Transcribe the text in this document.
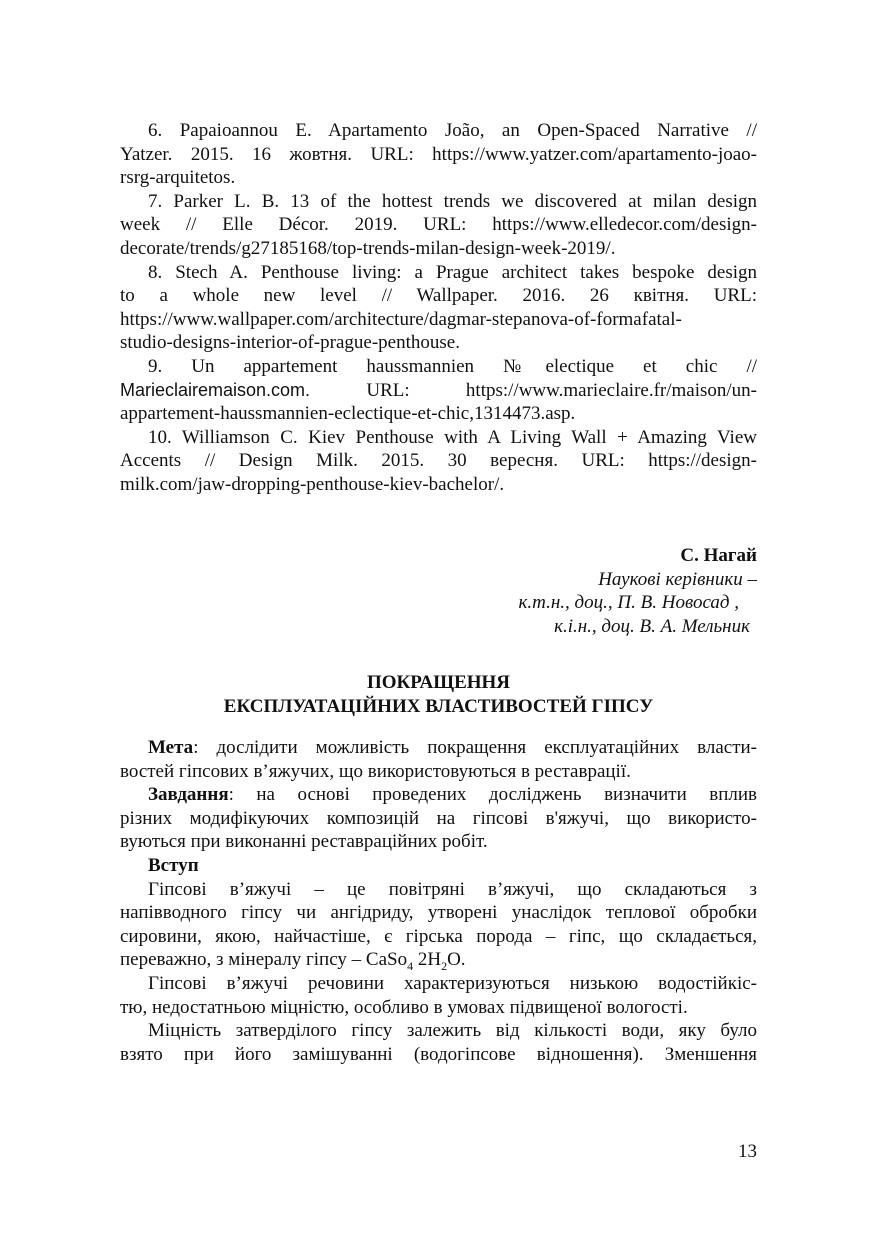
6. Papaioannou E. Apartamento João, an Open-Spaced Narrative //
Yatzer. 2015. 16 жовтня. URL: https://www.yatzer.com/apartamento-joao-
rsrg-arquitetos.
7. Parker L. B. 13 of the hottest trends we discovered at milan design
week // Elle Décor. 2019. URL: https://www.elledecor.com/design-
decorate/trends/g27185168/top-trends-milan-design-week-2019/.
8. Stech A. Penthouse living: a Prague architect takes bespoke design
to a whole new level // Wallpaper. 2016. 26 квітня. URL:
https://www.wallpaper.com/architecture/dagmar-stepanova-of-formafatal-
studio-designs-interior-of-prague-penthouse.
9. Un appartement haussmannien №electique et chic //
Marieclairemaison.com.	URL: https://www.marieclaire.fr/maison/un-
appartement-haussmannien-eclectique-et-chic,1314473.asp.
10. Williamson C. Kiev Penthouse with A Living Wall + Amazing View
Accents // Design Milk. 2015. 30 вересня. URL: https://design-
milk.com/jaw-dropping-penthouse-kiev-bachelor/.
С. Нагай
Наукові керівники –
к.т.н., доц., П. В. Новосад ,
к.і.н., доц. В. А. Мельник
ПОКРАЩЕННЯ
ЕКСПЛУАТАЦІЙНИХ ВЛАСТИВОСТЕЙ ГІПСУ
Мета: дослідити можливість покращення експлуатаційних власти-
востей гіпсових в’яжучих, що використовуються в реставрації.
Завдання: на основі проведених досліджень визначити вплив
різних модифікуючих композицій на гіпсові в'яжучі, що використо-
вуються при виконанні реставраційних робіт.
Вступ
Гіпсові в’яжучі – це повітряні в’яжучі, що складаються з
напівводного гіпсу чи ангідриду, утворені унаслідок теплової обробки
сировини, якою, найчастіше, є гірська порода – гіпс, що складається,
переважно, з мінералу гіпсу – CaSo$_4$ $2H_2O$.
Гіпсові в’яжучі речовини характеризуються низькою водостійкіс-
тю, недостатньою міцністю, особливо в умовах підвищеної вологості.
Міцність затверділого гіпсу залежить від кількості води, яку було
взято при його замішуванні (водогіпсове відношення). Зменшення
13
